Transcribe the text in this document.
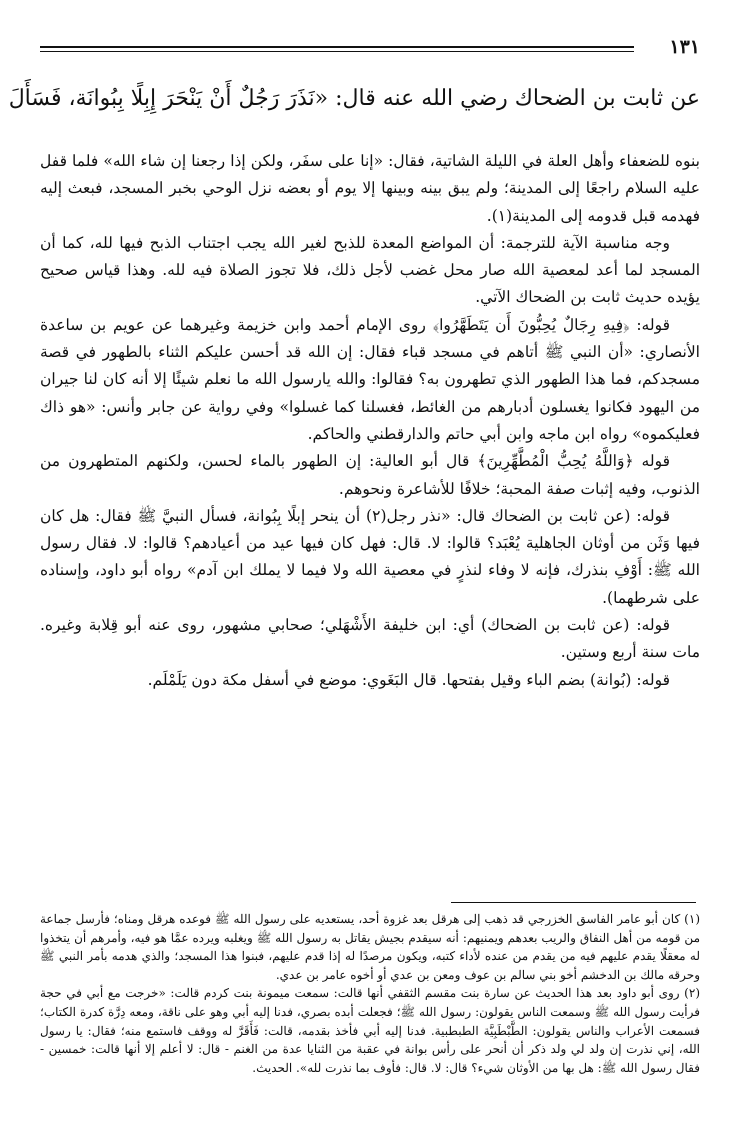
١٣١
عن ثابت بن الضحاك رضي الله عنه قال: «نَذَرَ رَجُلٌ أَنْ يَنْحَرَ إِبِلًا بِبُوانَة، فَسَأَلَ

بنوه للضعفاء وأهل العلة في الليلة الشاتية، فقال: «إنا على سفَر، ولكن إذا رجعنا إن شاء الله» فلما قفل عليه السلام راجعًا إلى المدينة؛ ولم يبق بينه وبينها إلا يوم أو بعضه نزل الوحي بخبر المسجد، فبعث إليه فهدمه قبل قدومه إلى المدينة(١).

وجه مناسبة الآية للترجمة: أن المواضع المعدة للذبح لغير الله يجب اجتناب الذبح فيها لله، كما أن المسجد لما أعد لمعصية الله صار محل غضب لأجل ذلك، فلا تجوز الصلاة فيه لله. وهذا قياس صحيح يؤيده حديث ثابت بن الضحاك الآتي.

قوله: ﴿فِيهِ رِجَالٌ يُحِبُّونَ أَن يَتَطَهَّرُوا﴾ روى الإمام أحمد وابن خزيمة وغيرهما عن عويم بن ساعدة الأنصاري: «أن النبي ﷺ أتاهم في مسجد قباء فقال: إن الله قد أحسن عليكم الثناء بالطهور في قصة مسجدكم، فما هذا الطهور الذي تطهرون به؟ فقالوا: والله يارسول الله ما نعلم شيئًا إلا أنه كان لنا جيران من اليهود فكانوا يغسلون أدبارهم من الغائط، فغسلنا كما غسلوا» وفي رواية عن جابر وأنس: «هو ذاك فعليكموه» رواه ابن ماجه وابن أبي حاتم والدارقطني والحاكم.

قوله ﴿وَاللَّهُ يُحِبُّ الْمُطَّهِّرِينَ﴾ قال أبو العالية: إن الطهور بالماء لحسن، ولكنهم المتطهرون من الذنوب، وفيه إثبات صفة المحبة؛ خلافًا للأشاعرة ونحوهم.

قوله: (عن ثابت بن الضحاك قال: «نذر رجل(٢) أن ينحر إبلًا بِبُوانة، فسأل النبيَّ ﷺ فقال: هل كان فيها وَثَن من أوثان الجاهلية يُعْبَد؟ قالوا: لا. قال: فهل كان فيها عيد من أعيادهم؟ قالوا: لا. فقال رسول الله ﷺ: أَوْفِ بنذرك، فإنه لا وفاء لنذرٍ في معصية الله ولا فيما لا يملك ابن آدم» رواه أبو داود، وإسناده على شرطهما).

قوله: (عن ثابت بن الضحاك) أي: ابن خليفة الأَشْهَلي؛ صحابي مشهور، روى عنه أبو قِلابة وغيره. مات سنة أربع وستين.

قوله: (بُوانة) بضم الباء وقيل بفتحها. قال البَغَوي: موضع في أسفل مكة دون يَلَمْلَم.

(١) كان أبو عامر الفاسق الخزرجي قد ذهب إلى هرقل بعد غزوة أحد، يستعديه على رسول الله ﷺ فوعده هرقل ومناه؛ فأرسل جماعة من قومه من أهل النفاق والريب بعدهم ويمنيهم: أنه سيقدم بجيش يقاتل به رسول الله ﷺ ويغلبه ويرده عمَّا هو فيه، وأمرهم أن يتخذوا له معقلًا يقدم عليهم فيه من يقدم من عنده لأداء كتبه، ويكون مرصدًا له إذا قدم عليهم، فبنوا هذا المسجد؛ والذي هدمه بأمر النبي ﷺ وحرقه مالك بن الدخشم أخو بني سالم بن عوف ومعن بن عدي أو أخوه عامر بن عدي.

(٢) روى أبو داود بعد هذا الحديث عن سارة بنت مقسم الثقفي أنها قالت: سمعت ميمونة بنت كردم قالت: «خرجت مع أبي في حجة فرأيت رسول الله ﷺ وسمعت الناس يقولون: رسول الله ﷺ؛ فجعلت أبده بصري، فدنا إليه أبي وهو على ناقة، ومعه دِرَّة كدرة الكتاب؛ فسمعت الأعراب والناس يقولون: الطَّبْطَبِيَّة الطبطبية. فدنا إليه أبي فأخذ بقدمه، قالت: فَأَقَرَّ له ووقف فاستمع منه؛ فقال: يا رسول الله، إني نذرت إن ولد لي ولد ذكر أن أنحر على رأس بوانة في عقبة من الثنايا عدة من الغنم - قال: لا أعلم إلا أنها قالت: خمسين - فقال رسول الله ﷺ: هل بها من الأوثان شيء؟ قال: لا. قال: فأوف بما نذرت لله». الحديث.
